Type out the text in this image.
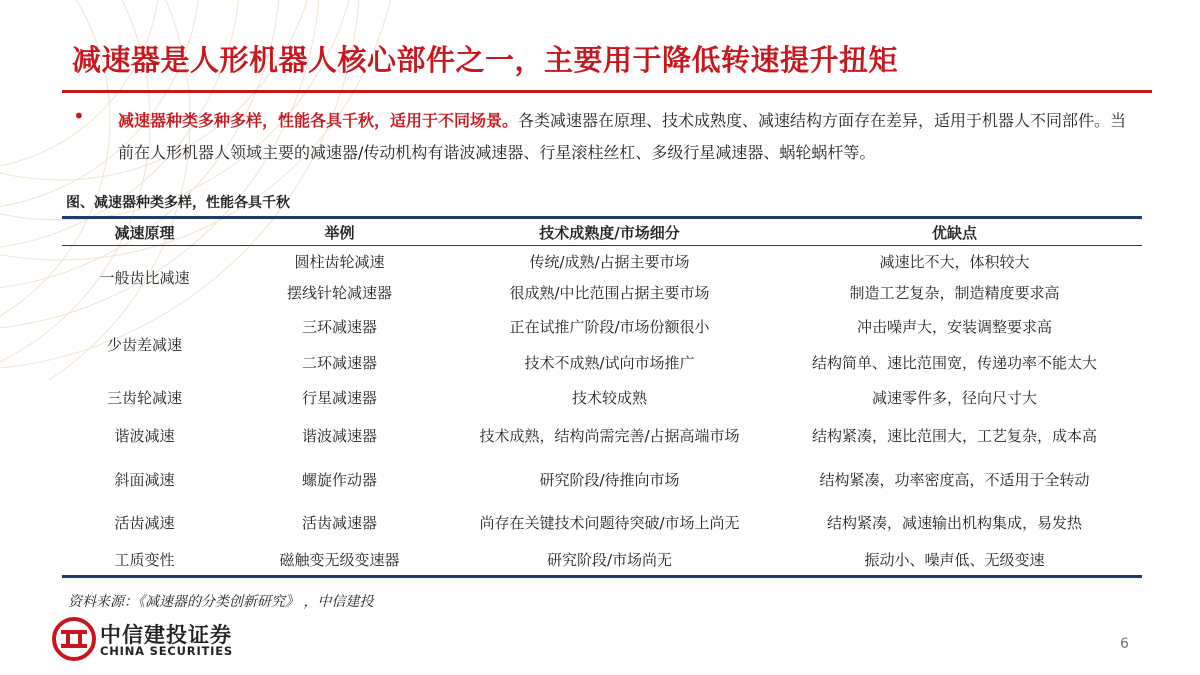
减速器是人形机器人核心部件之一，主要用于降低转速提升扭矩
• 减速器种类多种多样，性能各具千秋，适用于不同场景。各类减速器在原理、技术成熟度、减速结构方面存在差异，适用于机器人不同部件。当前在人形机器人领域主要的减速器/传动机构有谐波减速器、行星滚柱丝杠、多级行星减速器、蜗轮蜗杆等。
图、减速器种类多样，性能各具千秋
减速原理	举例	技术成熟度/市场细分	优缺点
一般齿比减速	圆柱齿轮减速	传统/成熟/占据主要市场	减速比不大，体积较大
	摆线针轮减速器	很成熟/中比范围占据主要市场	制造工艺复杂，制造精度要求高
少齿差减速	三环减速器	正在试推广阶段/市场份额很小	冲击噪声大，安装调整要求高
	二环减速器	技术不成熟/试向市场推广	结构简单、速比范围宽，传递功率不能太大
三齿轮减速	行星减速器	技术较成熟	减速零件多，径向尺寸大
谐波减速	谐波减速器	技术成熟，结构尚需完善/占据高端市场	结构紧凑，速比范围大，工艺复杂，成本高
斜面减速	螺旋作动器	研究阶段/待推向市场	结构紧凑，功率密度高，不适用于全转动
活齿减速	活齿减速器	尚存在关键技术问题待突破/市场上尚无	结构紧凑，减速输出机构集成，易发热
工质变性	磁触变无级变速器	研究阶段/市场尚无	振动小、噪声低、无级变速
资料来源：《减速器的分类创新研究》 ，中信建投
中信建投证券
CHINA SECURITIES	6
